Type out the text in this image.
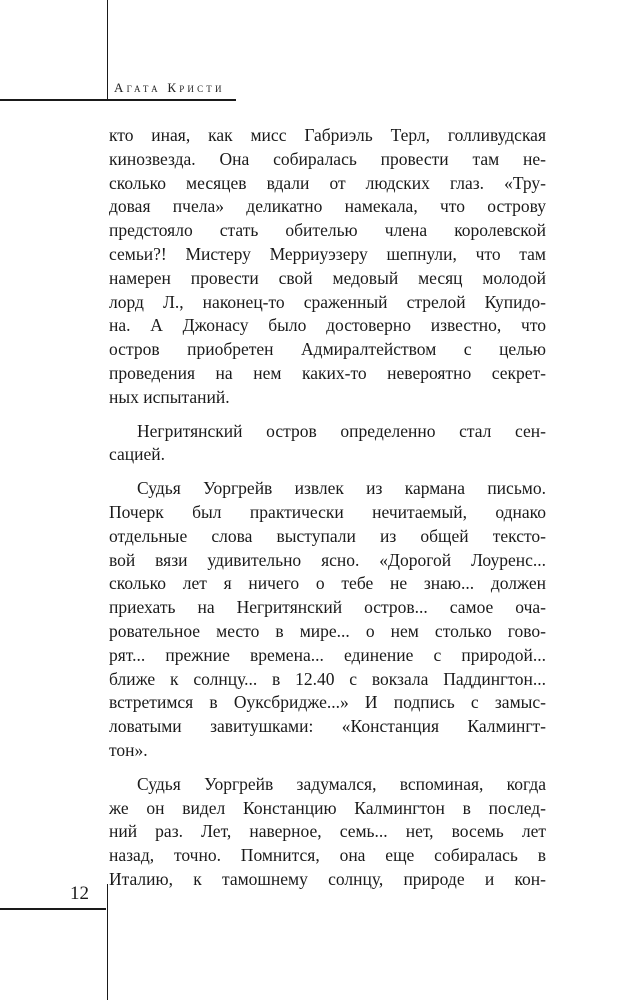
Агата Кристи

кто иная, как мисс Габриэль Терл, голливудская
кинозвезда. Она собиралась провести там не-
сколько месяцев вдали от людских глаз. «Тру-
довая пчела» деликатно намекала, что острову
предстояло стать обителью члена королевской
семьи?! Мистеру Мерриуэзеру шепнули, что там
намерен провести свой медовый месяц молодой
лорд Л., наконец-то сраженный стрелой Купидо-
на. А Джонасу было достоверно известно, что
остров приобретен Адмиралтейством с целью
проведения на нем каких-то невероятно секрет-
ных испытаний.

Негритянский остров определенно стал сен-
сацией.

Судья Уоргрейв извлек из кармана письмо.
Почерк был практически нечитаемый, однако
отдельные слова выступали из общей тексто-
вой вязи удивительно ясно. «Дорогой Лоуренс...
сколько лет я ничего о тебе не знаю... должен
приехать на Негритянский остров... самое оча-
ровательное место в мире... о нем столько гово-
рят... прежние времена... единение с природой...
ближе к солнцу... в 12.40 с вокзала Паддингтон...
встретимся в Оуксбридже...» И подпись с замыс-
ловатыми завитушками: «Констанция Калмингт-
тон».

Судья Уоргрейв задумался, вспоминая, когда
же он видел Констанцию Калмингтон в послед-
ний раз. Лет, наверное, семь... нет, восемь лет
назад, точно. Помнится, она еще собиралась в
Италию, к тамошнему солнцу, природе и кон-

12
